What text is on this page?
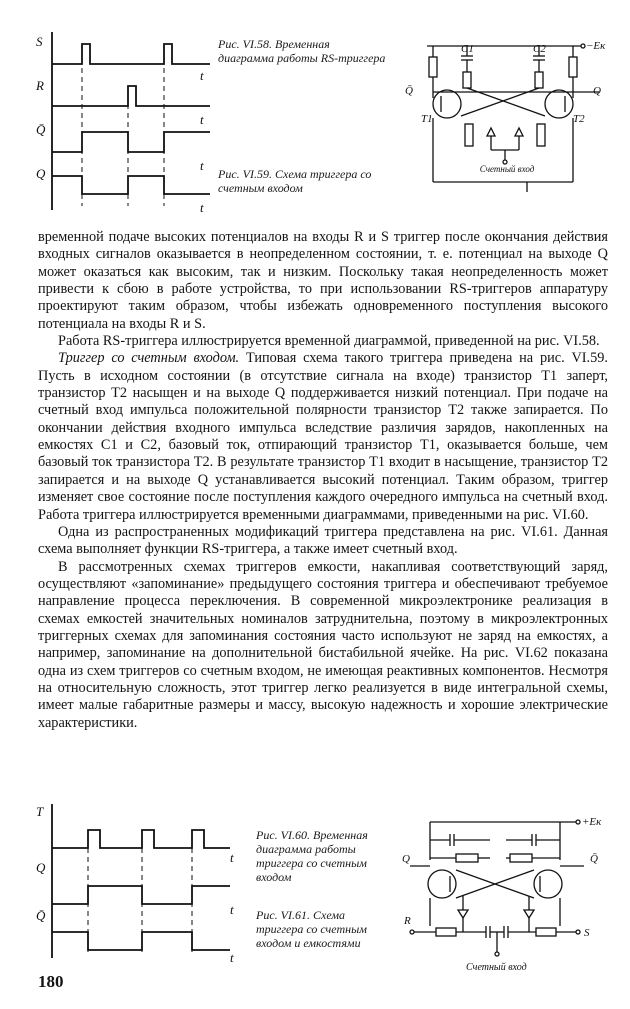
S
R
Q̄
Q
t
t
t
t
Рис. VI.58. Временная диаграмма работы RS-триггера
Рис. VI.59. Схема триггера со счетным входом
−Eк
C1	C2
Q
Q̄
T1	T2
Счетный вход

временной подаче высоких потенциалов на входы R и S триггер после окончания действия входных сигналов оказывается в неопределенном состоянии, т. е. потенциал на выходе Q может оказаться как высоким, так и низким. Поскольку такая неопределенность может привести к сбою в работе устройства, то при использовании RS-триггеров аппаратуру проектируют таким образом, чтобы избежать одновременного поступления высокого потенциала на входы R и S.

Работа RS-триггера иллюстрируется временной диаграммой, приведенной на рис. VI.58.

Триггер со счетным входом. Типовая схема такого триггера приведена на рис. VI.59. Пусть в исходном состоянии (в отсутствие сигнала на входе) транзистор T1 заперт, транзистор T2 насыщен и на выходе Q поддерживается низкий потенциал. При подаче на счетный вход импульса положительной полярности транзистор T2 также запирается. По окончании действия входного импульса вследствие различия зарядов, накопленных на емкостях C1 и C2, базовый ток, отпирающий транзистор T1, оказывается больше, чем базовый ток транзистора T2. В результате транзистор T1 входит в насыщение, транзистор T2 запирается и на выходе Q устанавливается высокий потенциал. Таким образом, триггер изменяет свое состояние после поступления каждого очередного импульса на счетный вход. Работа триггера иллюстрируется временными диаграммами, приведенными на рис. VI.60.

Одна из распространенных модификаций триггера представлена на рис. VI.61. Данная схема выполняет функции RS-триггера, а также имеет счетный вход.

В рассмотренных схемах триггеров емкости, накапливая соответствующий заряд, осуществляют «запоминание» предыдущего состояния триггера и обеспечивают требуемое направление процесса переключения. В современной микроэлектронике реализация в схемах емкостей значительных номиналов затруднительна, поэтому в микроэлектронных триггерных схемах для запоминания состояния часто используют не заряд на емкостях, а например, запоминание на дополнительной бистабильной ячейке. На рис. VI.62 показана одна из схем триггеров со счетным входом, не имеющая реактивных компонентов. Несмотря на относительную сложность, этот триггер легко реализуется в виде интегральной схемы, имеет малые габаритные размеры и массу, высокую надежность и хорошие электрические характеристики.

T
Q
Q̄
t
t
t
Рис. VI.60. Временная диаграмма работы триггера со счетным входом
Рис. VI.61. Схема триггера со счетным входом и емкостями
+Eк
Q	Q̄
R
S
Счетный вход
180
